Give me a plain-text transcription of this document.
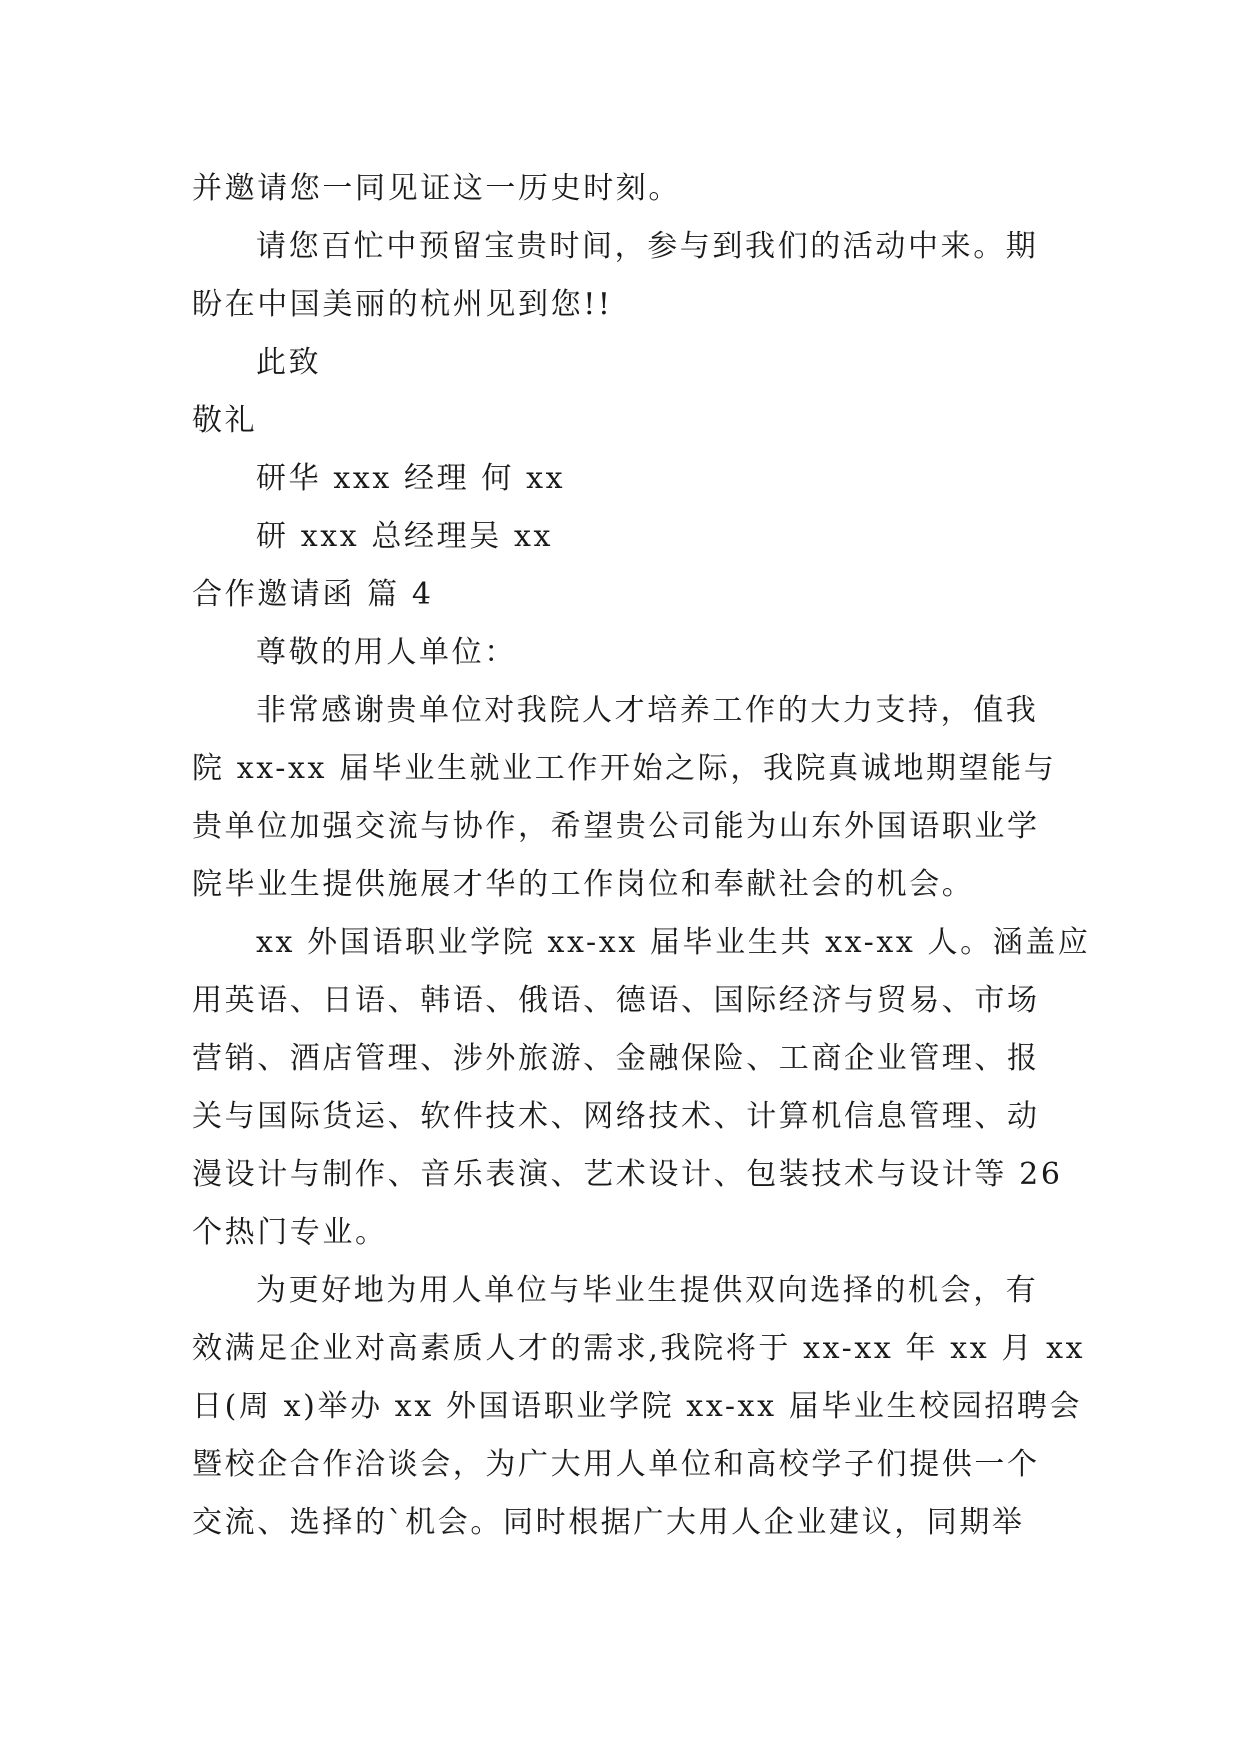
并邀请您一同见证这一历史时刻。
请您百忙中预留宝贵时间，参与到我们的活动中来。期
盼在中国美丽的杭州见到您!!
此致
敬礼
研华 xxx 经理 何 xx
研 xxx 总经理吴 xx
合作邀请函 篇 4
尊敬的用人单位：
非常感谢贵单位对我院人才培养工作的大力支持，值我
院 xx-xx 届毕业生就业工作开始之际，我院真诚地期望能与
贵单位加强交流与协作，希望贵公司能为山东外国语职业学
院毕业生提供施展才华的工作岗位和奉献社会的机会。
xx 外国语职业学院 xx-xx 届毕业生共 xx-xx 人。涵盖应
用英语、日语、韩语、俄语、德语、国际经济与贸易、市场
营销、酒店管理、涉外旅游、金融保险、工商企业管理、报
关与国际货运、软件技术、网络技术、计算机信息管理、动
漫设计与制作、音乐表演、艺术设计、包装技术与设计等 26
个热门专业。
为更好地为用人单位与毕业生提供双向选择的机会，有
效满足企业对高素质人才的需求,我院将于 xx-xx 年 xx 月 xx
日(周 x)举办 xx 外国语职业学院 xx-xx 届毕业生校园招聘会
暨校企合作洽谈会，为广大用人单位和高校学子们提供一个
交流、选择的`机会。同时根据广大用人企业建议，同期举
